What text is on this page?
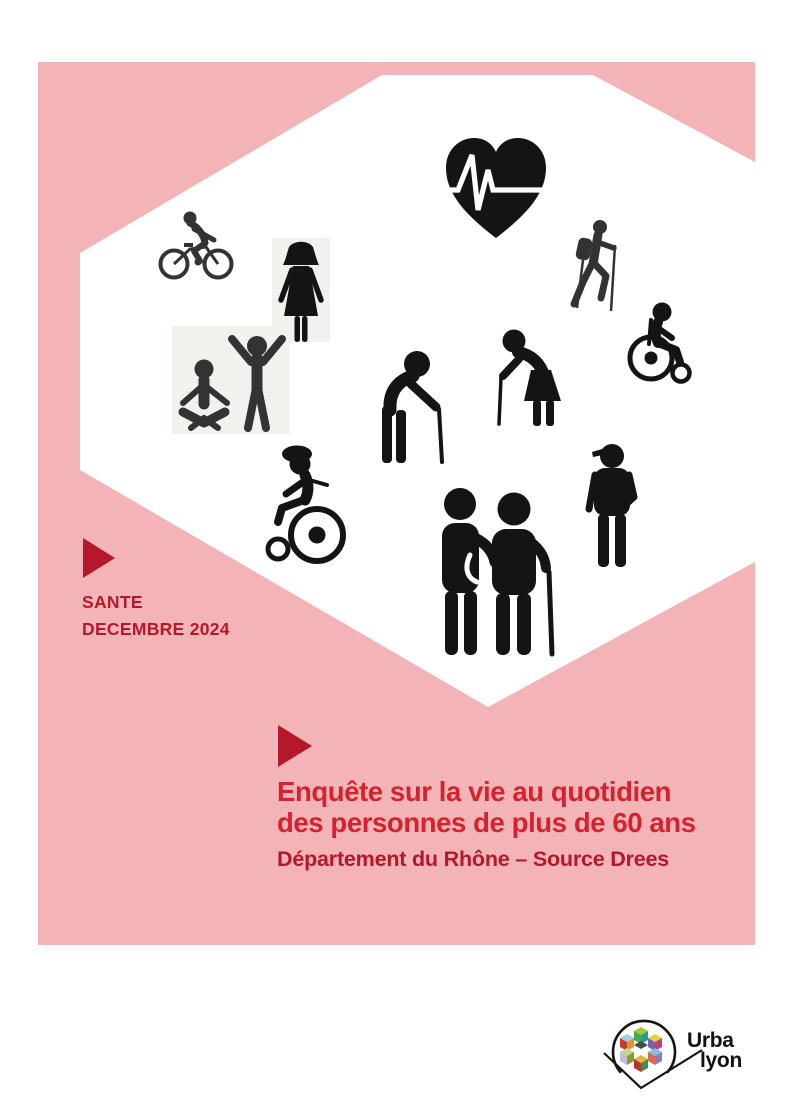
SANTE
DECEMBRE 2024
Enquête sur la vie au quotidien
des personnes de plus de 60 ans
Département du Rhône – Source Drees
Urba
lyon
